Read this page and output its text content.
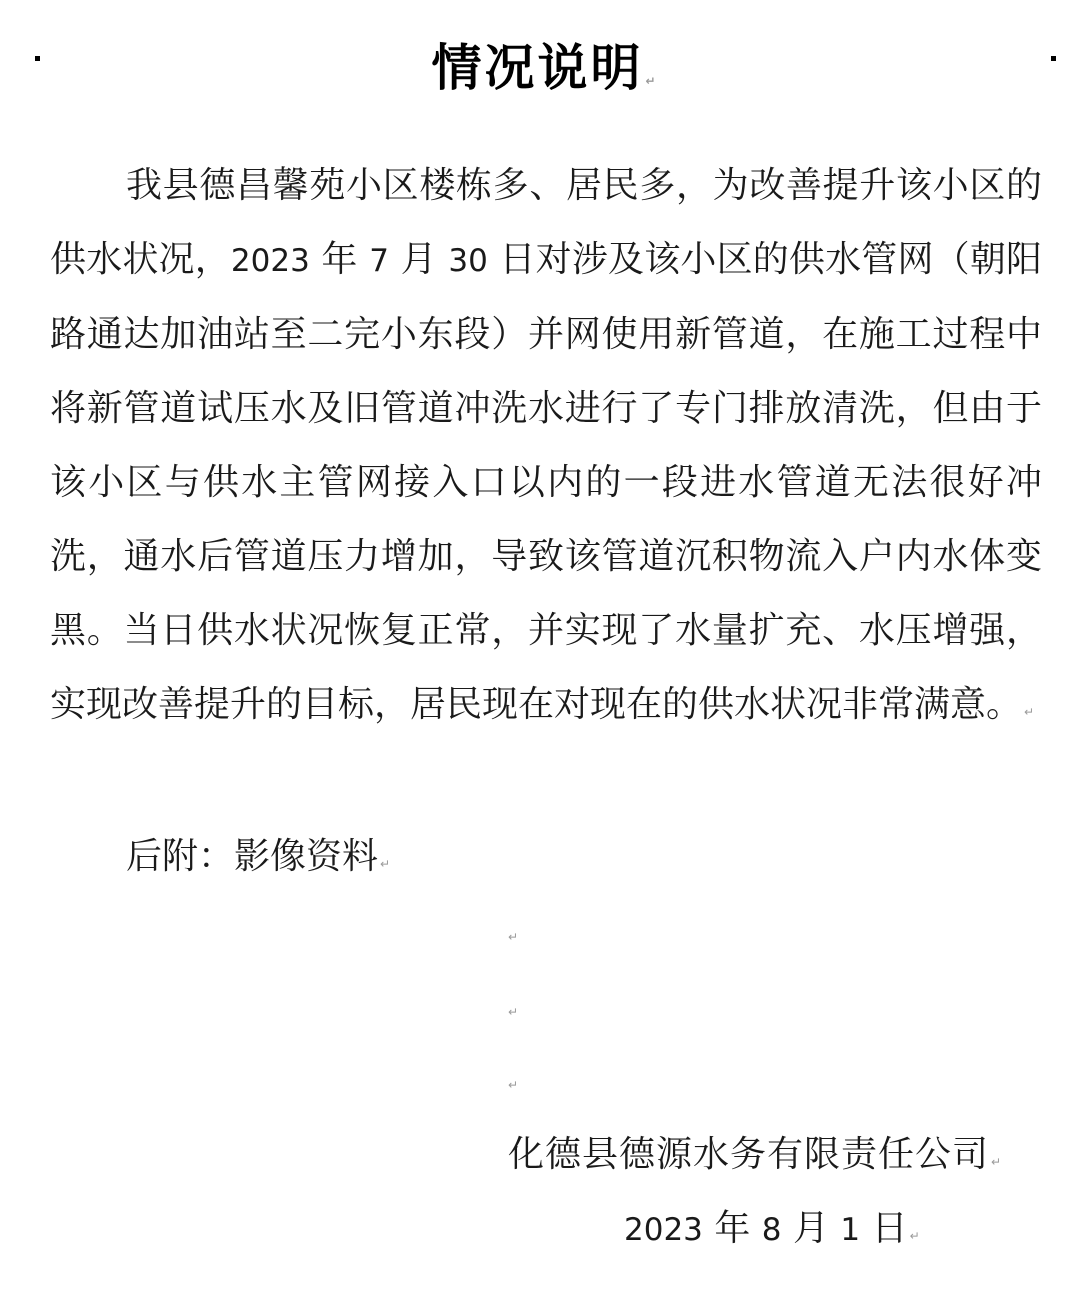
情况说明 ↵

我县德昌馨苑小区楼栋多、居民多，为改善提升该小区的供水状况，2023 年 7 月 30 日对涉及该小区的供水管网（朝阳路通达加油站至二完小东段）并网使用新管道，在施工过程中将新管道试压水及旧管道冲洗水进行了专门排放清洗，但由于该小区与供水主管网接入口以内的一段进水管道无法很好冲洗，通水后管道压力增加，导致该管道沉积物流入户内水体变黑。当日供水状况恢复正常，并实现了水量扩充、水压增强，实现改善提升的目标，居民现在对现在的供水状况非常满意。 ↵

后附：影像资料 ↵

↵
↵
↵

化德县德源水务有限责任公司 ↵

2023 年 8 月 1 日 ↵
